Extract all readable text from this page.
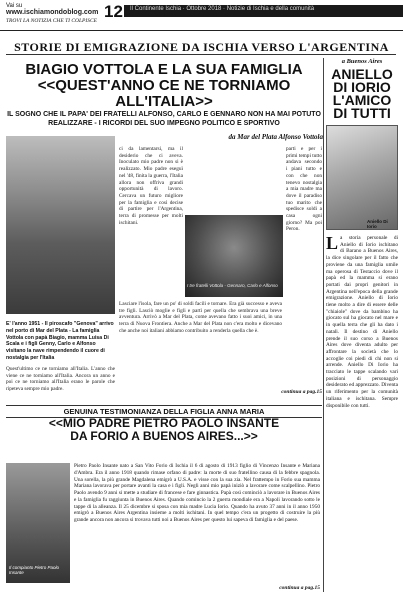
Vai su
www.ischiamondoblog.com
TROVI LA NOTIZIA CHE TI COLPISCE 12 Il Continente Ischia · Ottobre 2018 · Notizie di Ischia e della comunità
STORIE DI EMIGRAZIONE DA ISCHIA VERSO L'ARGENTINA
BIAGIO VOTTOLA E LA SUA FAMIGLIA
<<QUEST'ANNO CE NE TORNIAMO ALL'ITALIA>>
IL SOGNO CHE IL PAPA' DEI FRATELLI ALFONSO, CARLO E GENNARO NON HA MAI POTUTO REALIZZARE - I RICORDI DEL SUO IMPEGNO POLITICO E SPORTIVO
da Mar del Plata Alfonso Vottola
E' l'anno 1951 - Il piroscafo "Genova" arrivo nel porto di Mar del Plata - La famiglia Vottola con papà Biagio, mamma Luisa Di Scala e i figli Genny, Carlo e Alfonso visitano la nave rimpendendo il cuore di nostalgia per l'Italia
Quest'ultimo ce ne torniamo all'Italia. L'anno che viene ce ne torniamo all'Italia. Ancora un anno e poi ce ne torniamo all'Italia erano le parole che ripeteva sempre mio padre.
ci da lamentarsi, ma il desiderio che ci aveva. Inoculato mio padre non si è realizzato. Mio padre eseguì nel '48, finita la guerra, l'Italia allora non offriva grandi opportunità di lavoro. Cercava un futuro migliore per la famiglia e così decise di partire per l'Argentina, terra di promesse per molti ischitani.
I tre fratelli Vottola - Gennaro, Carlo e Alfonso
Lasciare l'isola, fare un po' di soldi facili e tornare. Era già successo e aveva tre figli. Lasciò moglie e figli e partì per quella che sembrava una breve avventura. Arrivò a Mar del Plata, come avevano fatto i suoi amici, in una terra di Nuova Frontiera. Anche a Mar del Plata non c'era molto e dicevano che anche noi italiani abbiamo contribuito a renderla quella che è.
parti e per i primi tempi tutto andava secondo i piani tutto e con che non tenevo nostalgia a mia madre ma dove il paradiso tuo marito che spedisce soldi a casa ogni giorno? Ma poi Peron.
continua a pag.15
a Buenos Aires
ANIELLO
DI IORIO
L'AMICO
DI TUTTI
Aniello Di Iorio
La storia personale di Aniello di Iorio ischitano di Barano a Buenos Aires, la dice singolare per il fatto che proviene da una famiglia umile ma operosa di Testaccio dove il papà ed la mamma si erano portati dai propri genitori in Argentina nell'epoca della grande emigrazione. Aniello di Iorio tiene molto a dire di essere delle "chiaiole" dove da bambino ha giocato sul ha giocato nel mare e in quella terra che gli ha dato i natali. Il destino di Aniello prende il suo corso a Buenos Aires dove diventa adulto per affrontare la società che lo accoglie coi piedi di chi non si arrende. Aniello Di Iorio ha tracciato le tappe scalando vari posizioni di personaggio desiderato ed apprezzato. Diventa un riferimento per la comunità italiana e ischitana. Sempre disponibile con tutti.
GENUINA TESTIMONIANZA DELLA FIGLIA ANNA MARIA
<<MIO PADRE PIETRO PAOLO INSANTE
DA FORIO A BUENOS AIRES...>>
Il compianto Pietro Paolo Insante
Pietro Paolo Insante nato a San Vito Forio di Ischia il 6 di agosto di 1913 figlio di Vincenzo Insante e Mariana d'Ambra. Era il anno 1918 quando rimase orfano di padre: la morte di suo fratellino causa di la febbre spagnola. Una sorella, la più grande Magdalena emigrò a U.S.A. e visse con la sua zia. Nel frattempo in Forio sua mamma Mariana lavorava per portare avanti la casa e i figli. Negli anni mio papà iniziò a lavorare come scalpellino. Pietro Paolo avendo 9 anni si mette a studiare di francese e fare ginnastica. Papà così cominciò a lavorare in Buenos Aires e la famiglia fu raggiunta in Buenos Aires. Quando comincio la 2 guerra mondiale era a Napoli lavorando sotto le tappe di la alleanza. Il 25 dicembre si sposa con mia madre Lucia Iorio. Quando ha avuto 37 anni in il anno 1950 emigrò a Buenos Aires Argentina insieme a molti ischitani. In quel tempo c'era un progetto di costruire la più grande ancora non ancora si trovava tutti noi a Buenos Aires per questo lui sapeva di famiglia e del paese.
continua a pag.15
